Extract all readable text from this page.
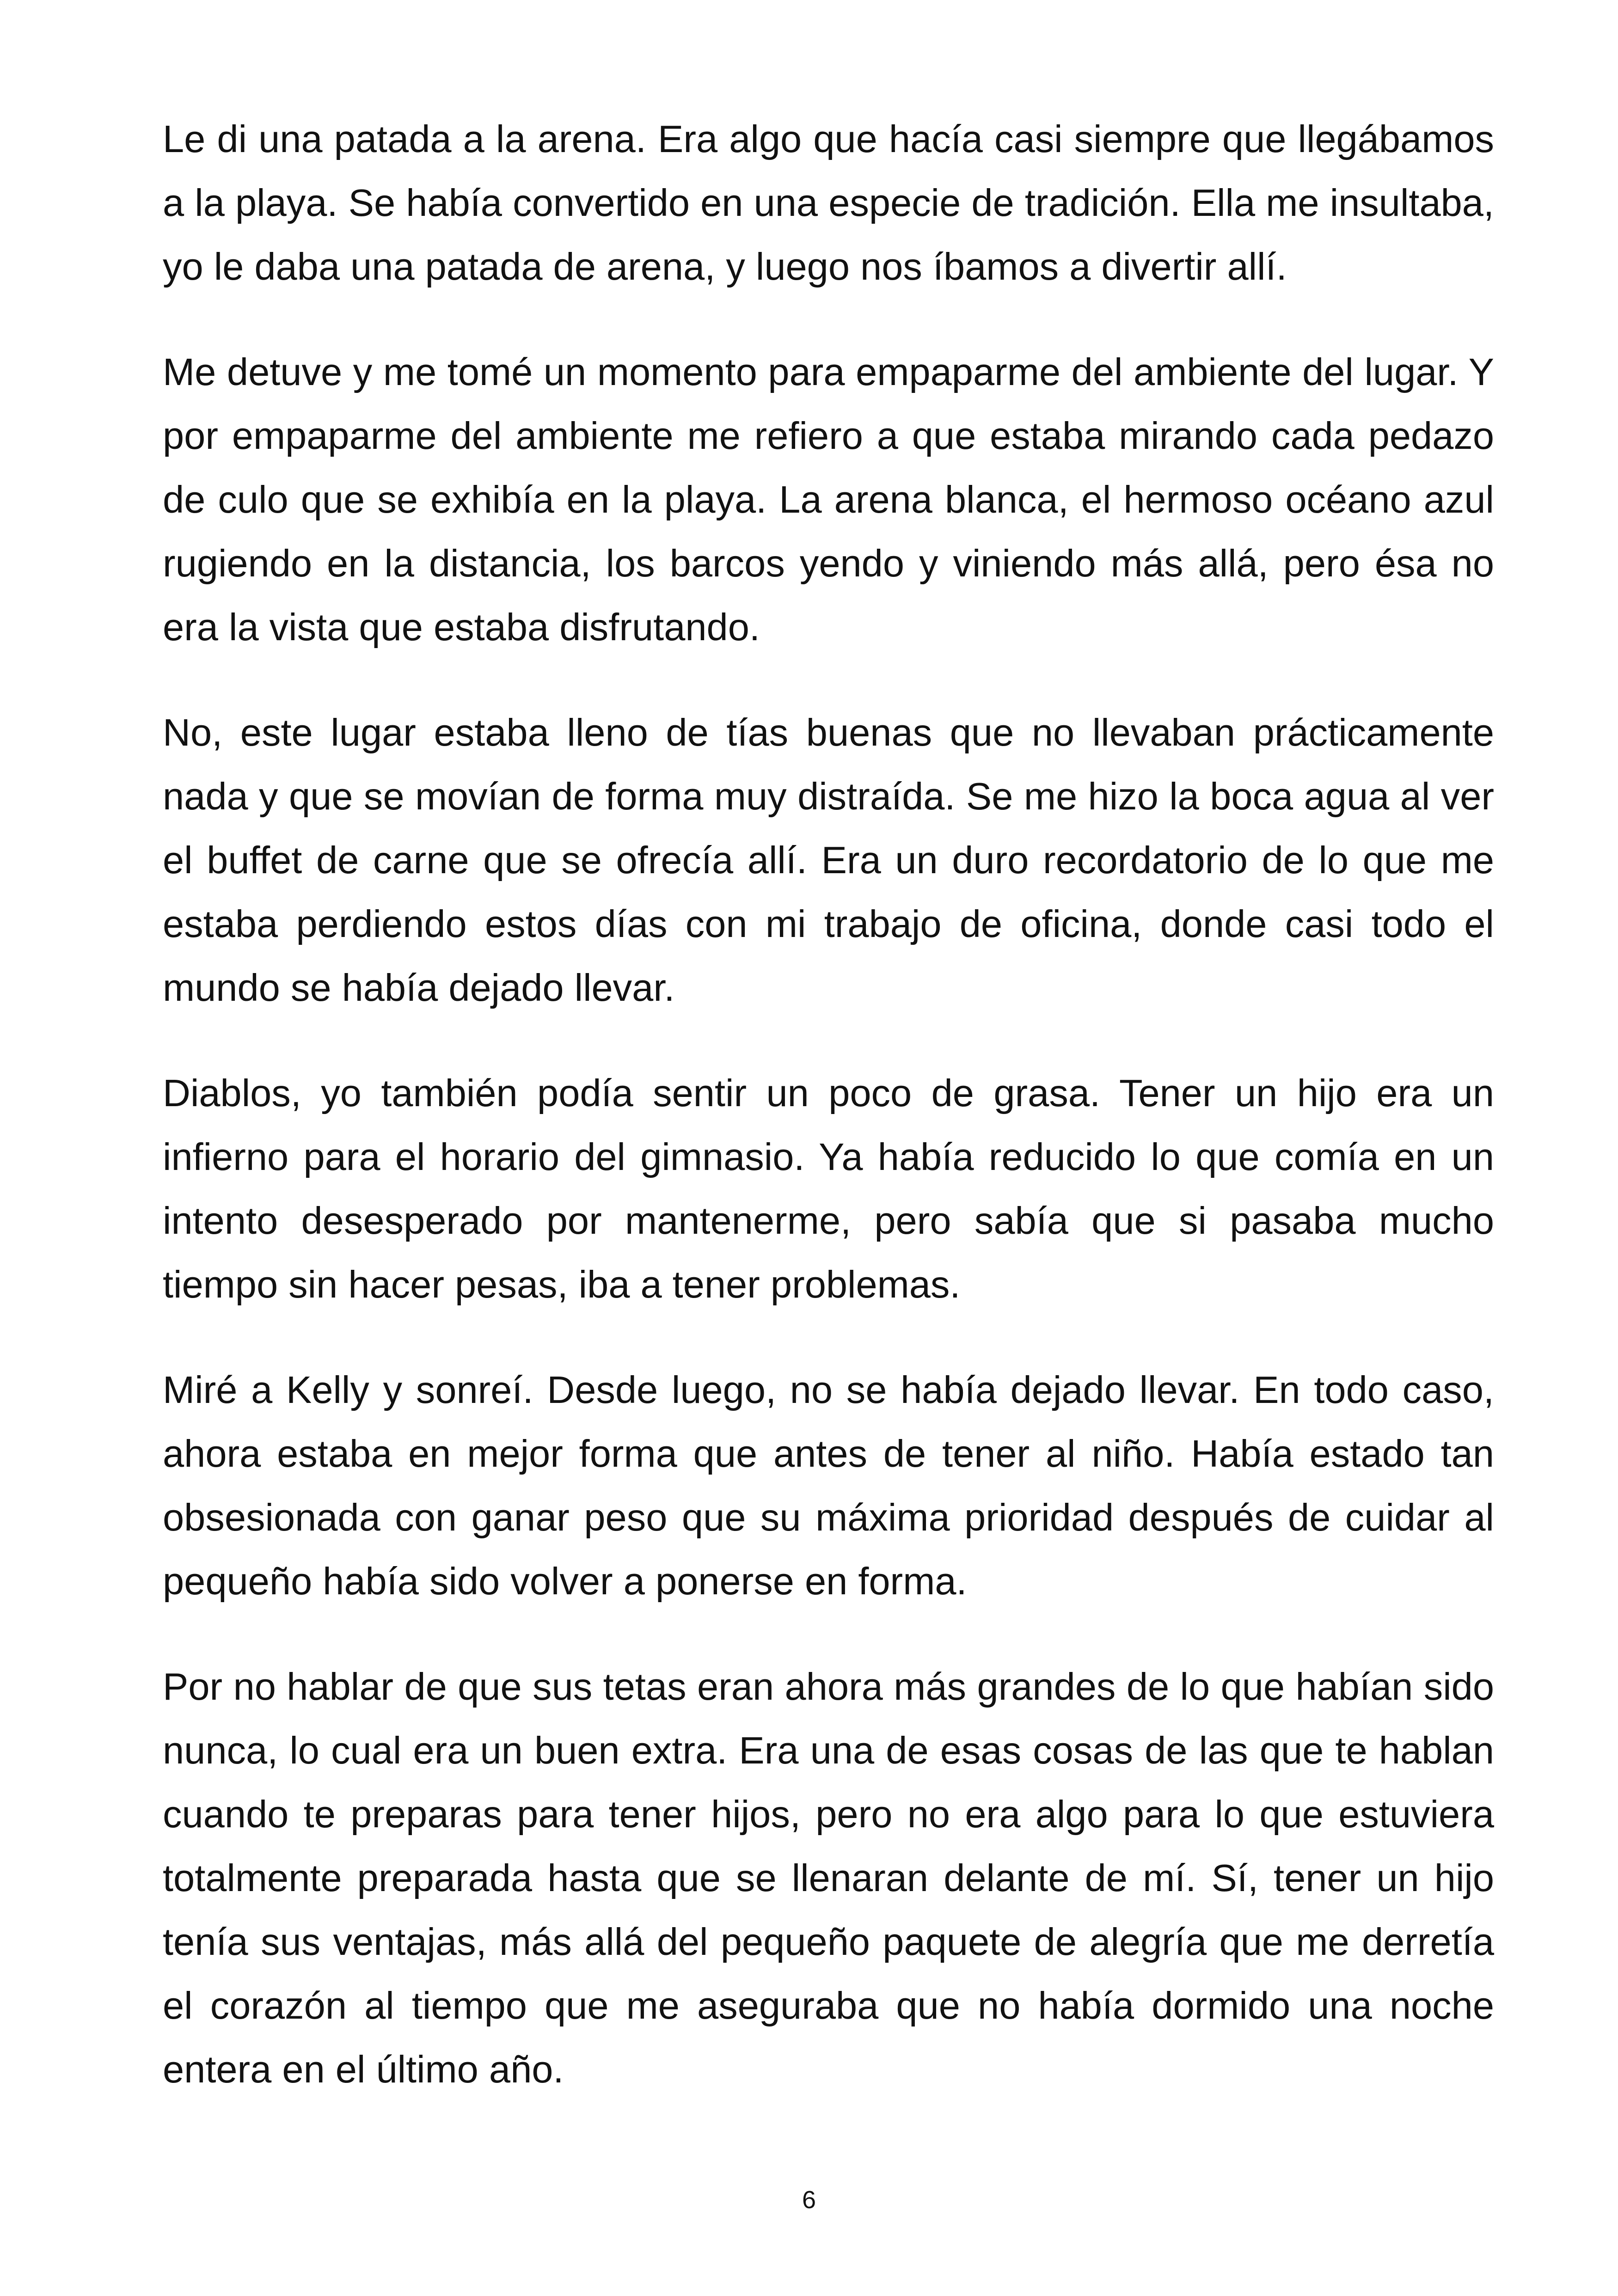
Le di una patada a la arena. Era algo que hacía casi siempre que llegábamos a la playa. Se había convertido en una especie de tradición. Ella me insultaba, yo le daba una patada de arena, y luego nos íbamos a divertir allí.

Me detuve y me tomé un momento para empaparme del ambiente del lugar. Y por empaparme del ambiente me refiero a que estaba mirando cada pedazo de culo que se exhibía en la playa. La arena blanca, el hermoso océano azul rugiendo en la distancia, los barcos yendo y viniendo más allá, pero ésa no era la vista que estaba disfrutando.

No, este lugar estaba lleno de tías buenas que no llevaban prácticamente nada y que se movían de forma muy distraída. Se me hizo la boca agua al ver el buffet de carne que se ofrecía allí. Era un duro recordatorio de lo que me estaba perdiendo estos días con mi trabajo de oficina, donde casi todo el mundo se había dejado llevar.

Diablos, yo también podía sentir un poco de grasa. Tener un hijo era un infierno para el horario del gimnasio. Ya había reducido lo que comía en un intento desesperado por mantenerme, pero sabía que si pasaba mucho tiempo sin hacer pesas, iba a tener problemas.

Miré a Kelly y sonreí. Desde luego, no se había dejado llevar. En todo caso, ahora estaba en mejor forma que antes de tener al niño. Había estado tan obsesionada con ganar peso que su máxima prioridad después de cuidar al pequeño había sido volver a ponerse en forma.

Por no hablar de que sus tetas eran ahora más grandes de lo que habían sido nunca, lo cual era un buen extra. Era una de esas cosas de las que te hablan cuando te preparas para tener hijos, pero no era algo para lo que estuviera totalmente preparada hasta que se llenaran delante de mí. Sí, tener un hijo tenía sus ventajas, más allá del pequeño paquete de alegría que me derretía el corazón al tiempo que me aseguraba que no había dormido una noche entera en el último año.

6
